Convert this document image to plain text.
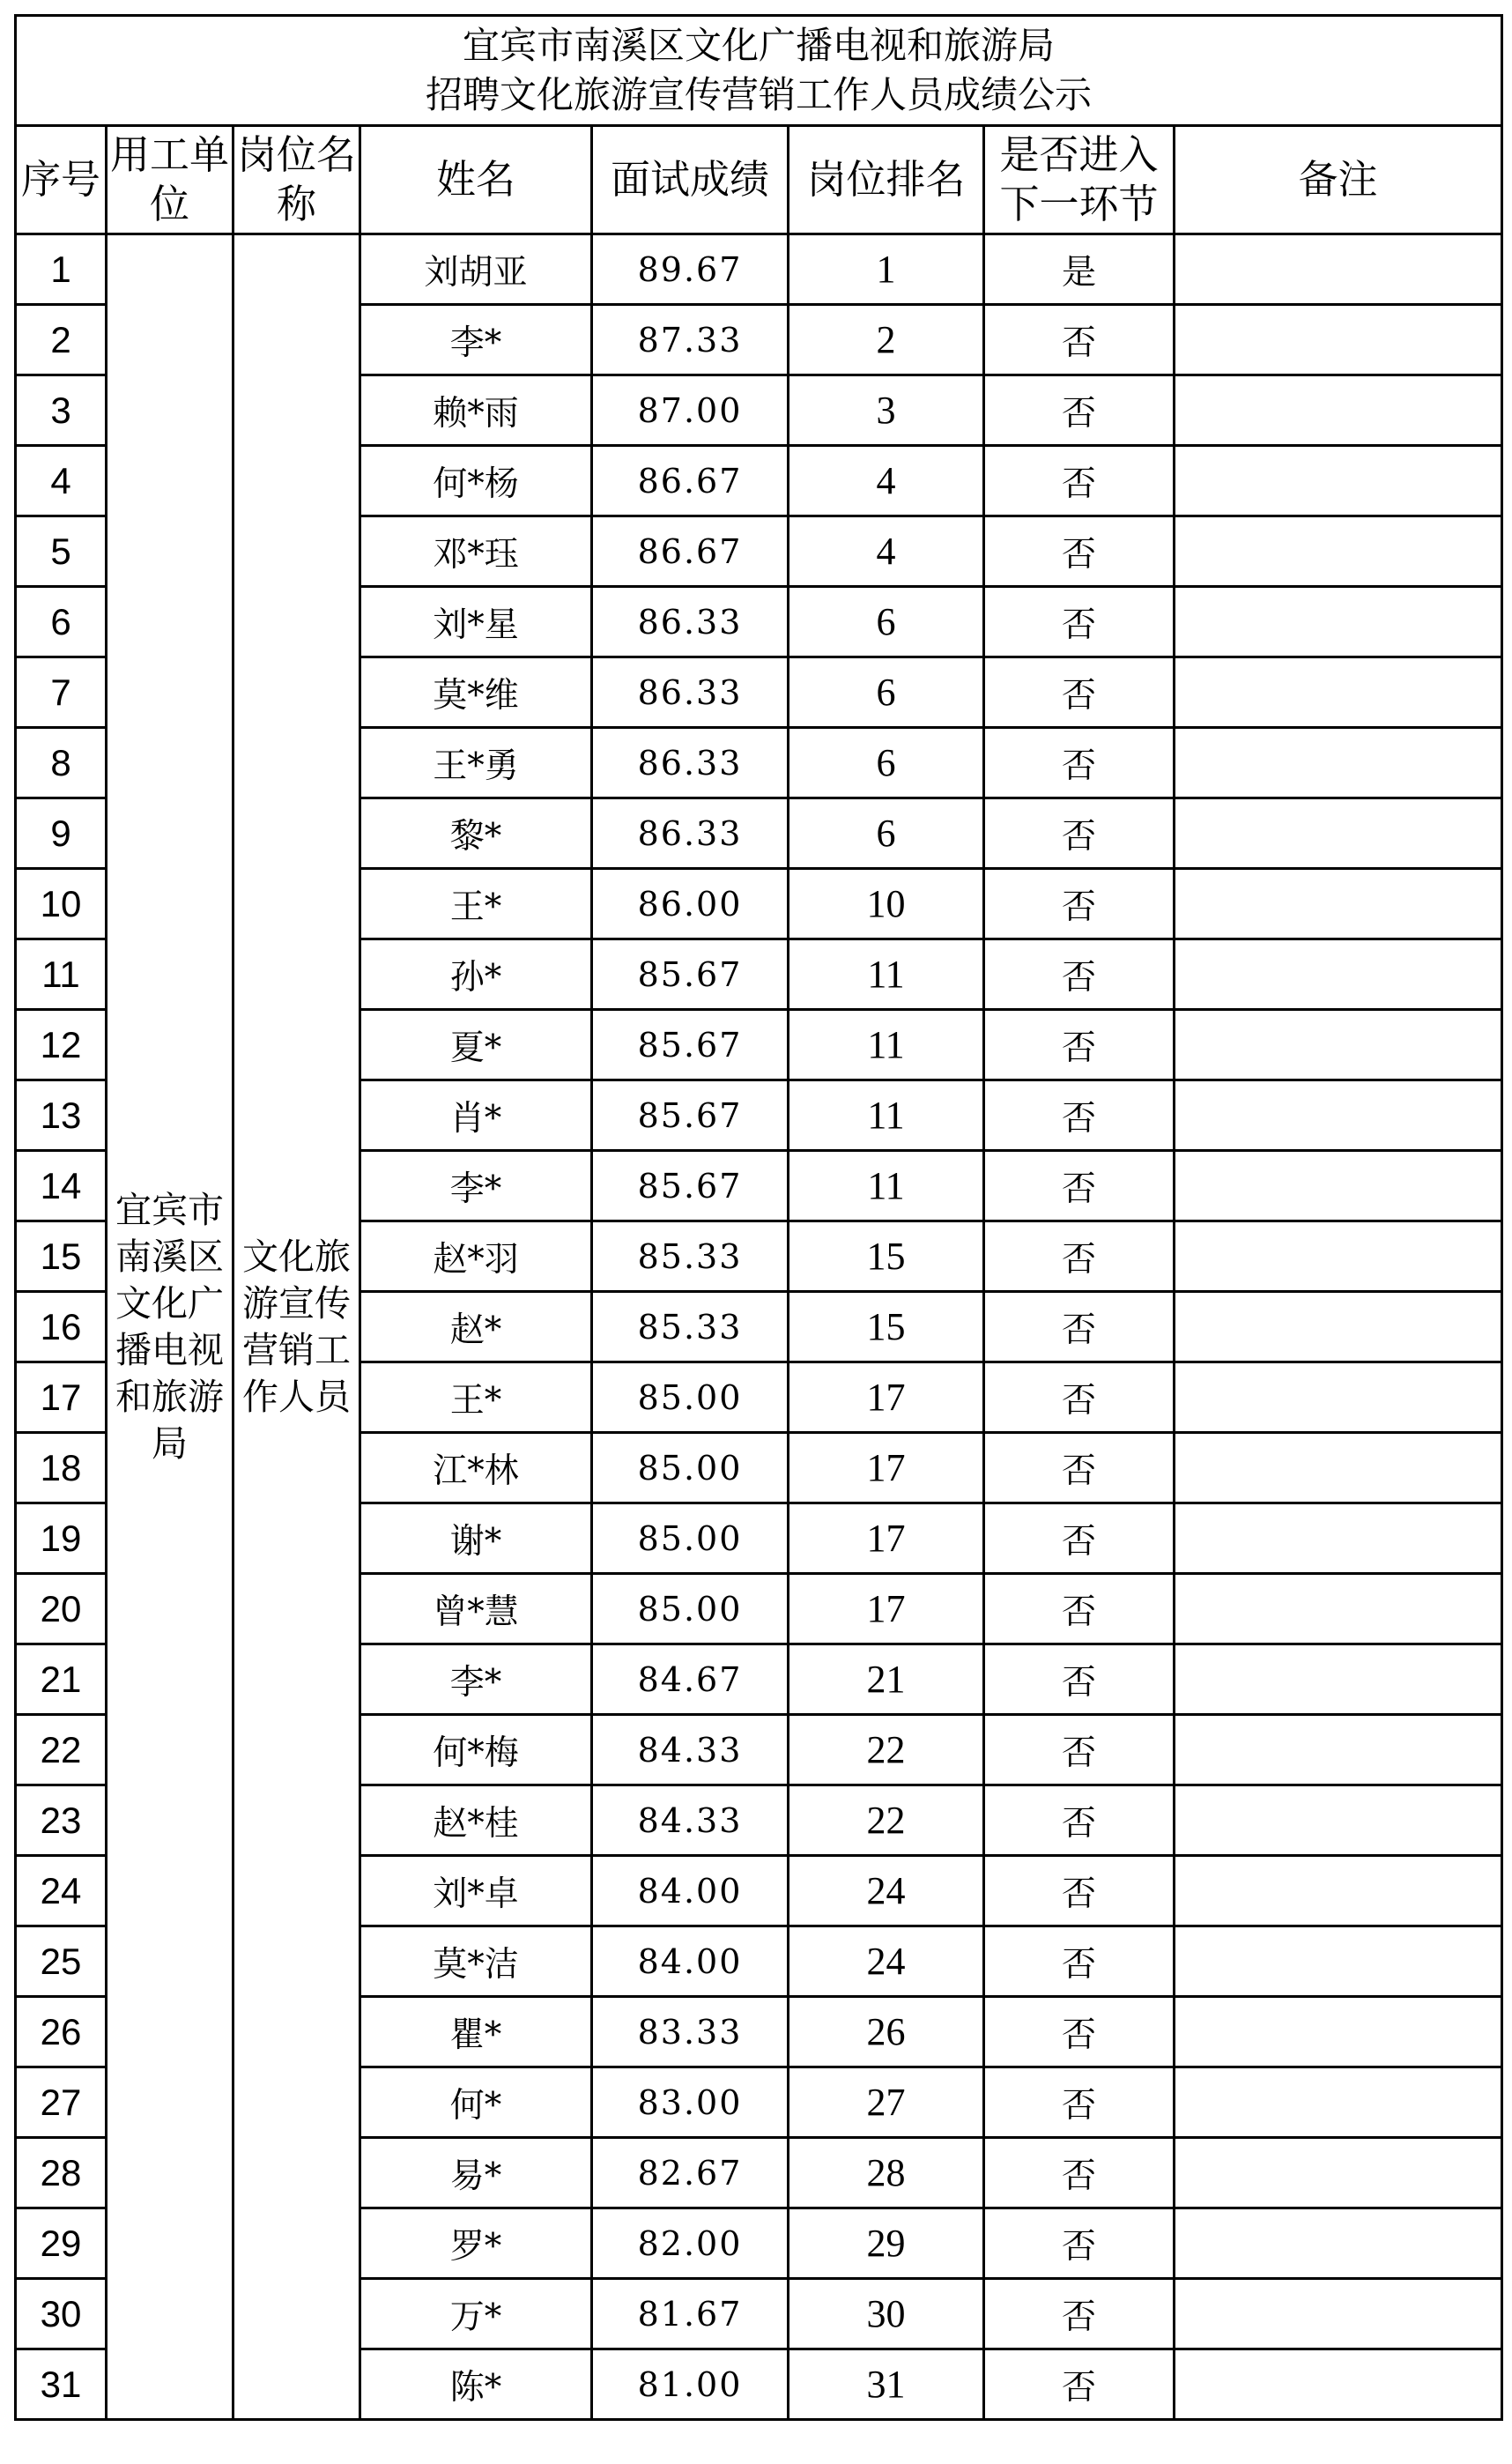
宜宾市南溪区文化广播电视和旅游局
招聘文化旅游宣传营销工作人员成绩公示							

序号	用工单位	岗位名称	姓名	面试成绩	岗位排名	是否进入下一环节	备注
1	宜宾市南溪区文化广播电视和旅游局	文化旅游宣传营销工作人员	刘胡亚	89.67	1	是	
2			李*	87.33	2	否	
3			赖*雨	87.00	3	否	
4			何*杨	86.67	4	否	
5			邓*珏	86.67	4	否	
6			刘*星	86.33	6	否	
7			莫*维	86.33	6	否	
8			王*勇	86.33	6	否	
9			黎*	86.33	6	否	
10			王*	86.00	10	否	
11			孙*	85.67	11	否	
12			夏*	85.67	11	否	
13			肖*	85.67	11	否	
14			李*	85.67	11	否	
15			赵*羽	85.33	15	否	
16			赵*	85.33	15	否	
17			王*	85.00	17	否	
18			江*林	85.00	17	否	
19			谢*	85.00	17	否	
20			曾*慧	85.00	17	否	
21			李*	84.67	21	否	
22			何*梅	84.33	22	否	
23			赵*桂	84.33	22	否	
24			刘*卓	84.00	24	否	
25			莫*洁	84.00	24	否	
26			瞿*	83.33	26	否	
27			何*	83.00	27	否	
28			易*	82.67	28	否	
29			罗*	82.00	29	否	
30			万*	81.67	30	否	
31			陈*	81.00	31	否	
